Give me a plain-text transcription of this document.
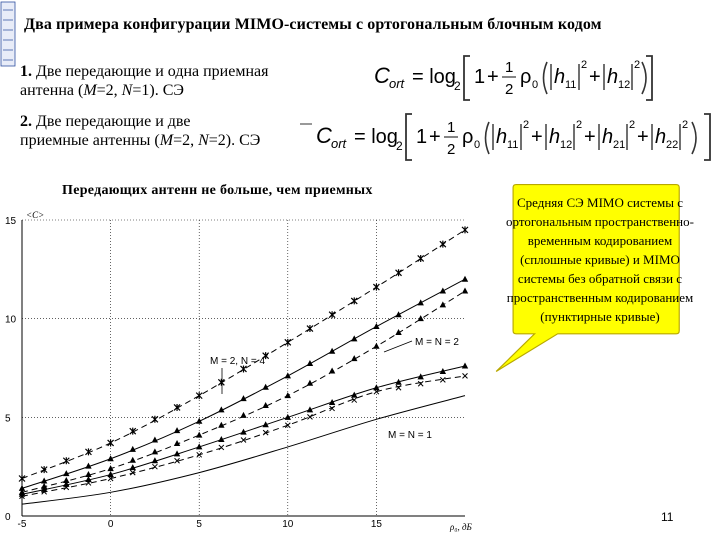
Два примера конфигурации MIMO-системы с ортогональным блочным кодом
1. Две передающие и одна приемная
антенна (M=2, N=1). СЭ
2. Две передающие и две
приемные антенны (M=2, N=2). СЭ
C ort = log
2 1 + 1
2
ρ 0 h 11
2
+ h 12
2
C ort = log
2 1 + 1
2
ρ 0 h 11
2
+ h 12
2
+ h 21
2
+ h 22
2
Передающих антенн не больше, чем приемных
-5	0	5	10	15
0
5
10
15
<C>
ρ₀, дБ
M = 2, N = 4
M = N = 2
M = N = 1
Средняя СЭ MIMO системы с ортогональным пространственно-временным кодированием (сплошные кривые) и MIMO системы без обратной связи с пространственным кодированием (пунктирные кривые)
11
